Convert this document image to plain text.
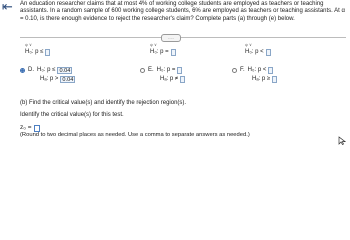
⇤ An education researcher claims that at most 4% of working college students are employed as teachers or teaching assistants. In a random sample of 600 working college students, 6% are employed as teachers or teaching assistants. At α = 0.10, is there enough evidence to reject the researcher's claim? Complete parts (a) through (e) below.
.....
ψ ∨
H₀: p ≤
ψ ∨
H₀: p =
ψ ∨
H₀: p <
D. H₀: p ≤ 0.04
Hₐ: p > 0.04
E. H₀: p =
Hₐ: p ≠
F. H₀: p <
Hₐ: p ≥
(b) Find the critical value(s) and identify the rejection region(s).
Identify the critical value(s) for this test.
z₀ =
(Round to two decimal places as needed. Use a comma to separate answers as needed.)
